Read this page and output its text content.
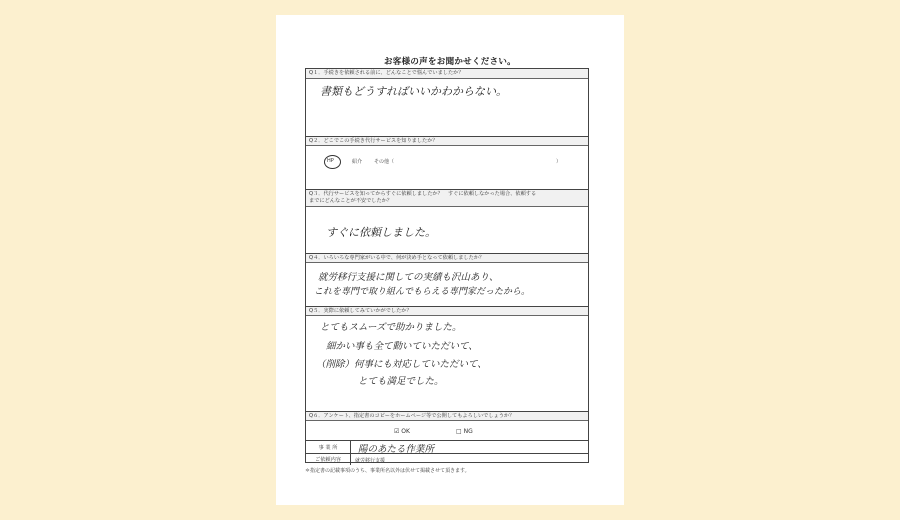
お客様の声をお聞かせください。
Q１．手続きを依頼される前に、どんなことで悩んでいましたか？
書類もどうすればいいかわからない。
Q２．どこでこの手続き代行サービスを知りましたか？
HP	紹介 その他（	）
Q３．代行サービスを知ってからすぐに依頼しましたか？　すぐに依頼しなかった場合、依頼する
までにどんなことが不安でしたか？
すぐに依頼しました。
Q４．いろいろな専門家がいる中で、何が決め手となって依頼しましたか？
就労移行支援に関しての実績も沢山あり、
これを専門で取り組んでもらえる専門家だったから。
Q５．実際に依頼してみていかがでしたか？
とてもスムーズで助かりました。
細かい事も全て動いていただいて、
（削除）何事にも対応していただいて、
とても満足でした。
Q６．アンケート、指定書のコピーをホームページ等で公開してもよろしいでしょうか？
☑ OK	□ NG
事 業 所	陽のあたる作業所
ご依頼内容	就労移行支援
＊指定書の記載事項のうち、事業所名以外は伏せて掲載させて頂きます。
